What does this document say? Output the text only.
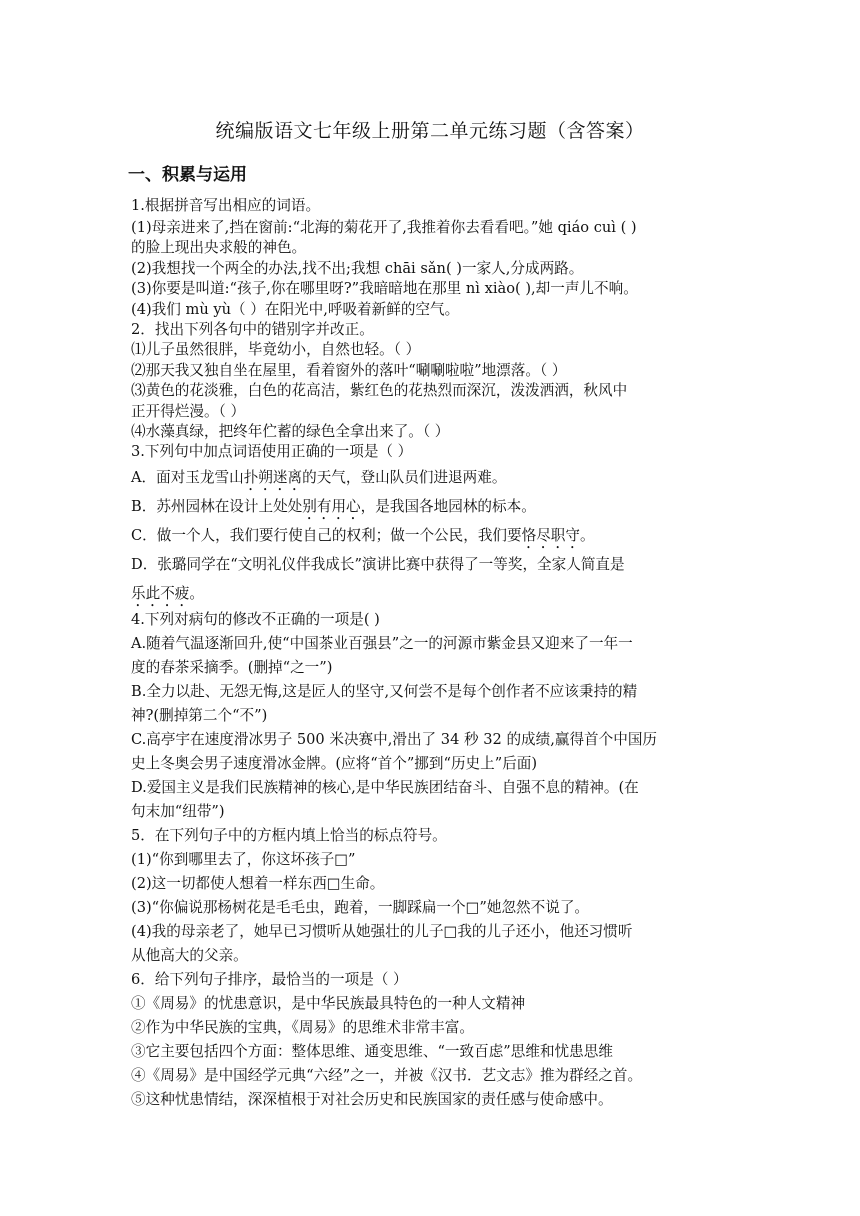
统编版语文七年级上册第二单元练习题（含答案）
一、积累与运用
1.根据拼音写出相应的词语。
(1)母亲进来了,挡在窗前:“北海的菊花开了,我推着你去看看吧。”她 qiáo cuì ( )
的脸上现出央求般的神色。
(2)我想找一个两全的办法,找不出;我想 chāi sǎn( )一家人,分成两路。
(3)你要是叫道:“孩子,你在哪里呀?”我暗暗地在那里 nì xiào( ),却一声儿不响。
(4)我们 mù yù（ ）在阳光中,呼吸着新鲜的空气。
2．找出下列各句中的错别字并改正。
⑴儿子虽然很胖，毕竟幼小，自然也轻。（ ）
⑵那天我又独自坐在屋里，看着窗外的落叶“唰唰啦啦”地漂落。（ ）
⑶黄色的花淡雅，白色的花高洁，紫红色的花热烈而深沉，泼泼洒洒，秋风中
正开得烂漫。（ ）
⑷水藻真绿，把终年伫蓄的绿色全拿出来了。（ ）
3.下列句中加点词语使用正确的一项是（ ）
A．面对玉龙雪山扑朔迷离的天气，登山队员们进退两难。
B．苏州园林在设计上处处别有用心，是我国各地园林的标本。
C．做一个人，我们要行使自己的权利；做一个公民，我们要恪尽职守。
D．张璐同学在“文明礼仪伴我成长”演讲比赛中获得了一等奖，全家人简直是
乐此不疲。
4.下列对病句的修改不正确的一项是( )
A.随着气温逐渐回升,使“中国茶业百强县”之一的河源市紫金县又迎来了一年一
度的春茶采摘季。(删掉“之一”)
B.全力以赴、无怨无悔,这是匠人的坚守,又何尝不是每个创作者不应该秉持的精
神?(删掉第二个“不”)
C.高亭宇在速度滑冰男子 500 米决赛中,滑出了 34 秒 32 的成绩,赢得首个中国历
史上冬奥会男子速度滑冰金牌。(应将“首个”挪到“历史上”后面)
D.爱国主义是我们民族精神的核心,是中华民族团结奋斗、自强不息的精神。(在
句末加“纽带”)
5．在下列句子中的方框内填上恰当的标点符号。
(1)“你到哪里去了，你这坏孩子□”
(2)这一切都使人想着一样东西□生命。
(3)“你偏说那杨树花是毛毛虫，跑着，一脚踩扁一个□”她忽然不说了。
(4)我的母亲老了，她早已习惯听从她强壮的儿子□我的儿子还小，他还习惯听
从他高大的父亲。
6．给下列句子排序，最恰当的一项是（ ）
①《周易》的忧患意识，是中华民族最具特色的一种人文精神
②作为中华民族的宝典，《周易》的思维术非常丰富。
③它主要包括四个方面：整体思维、通变思维、“一致百虑”思维和忧患思维
④《周易》是中国经学元典“六经”之一，并被《汉书．艺文志》推为群经之首。
⑤这种忧患情结，深深植根于对社会历史和民族国家的责任感与使命感中。
